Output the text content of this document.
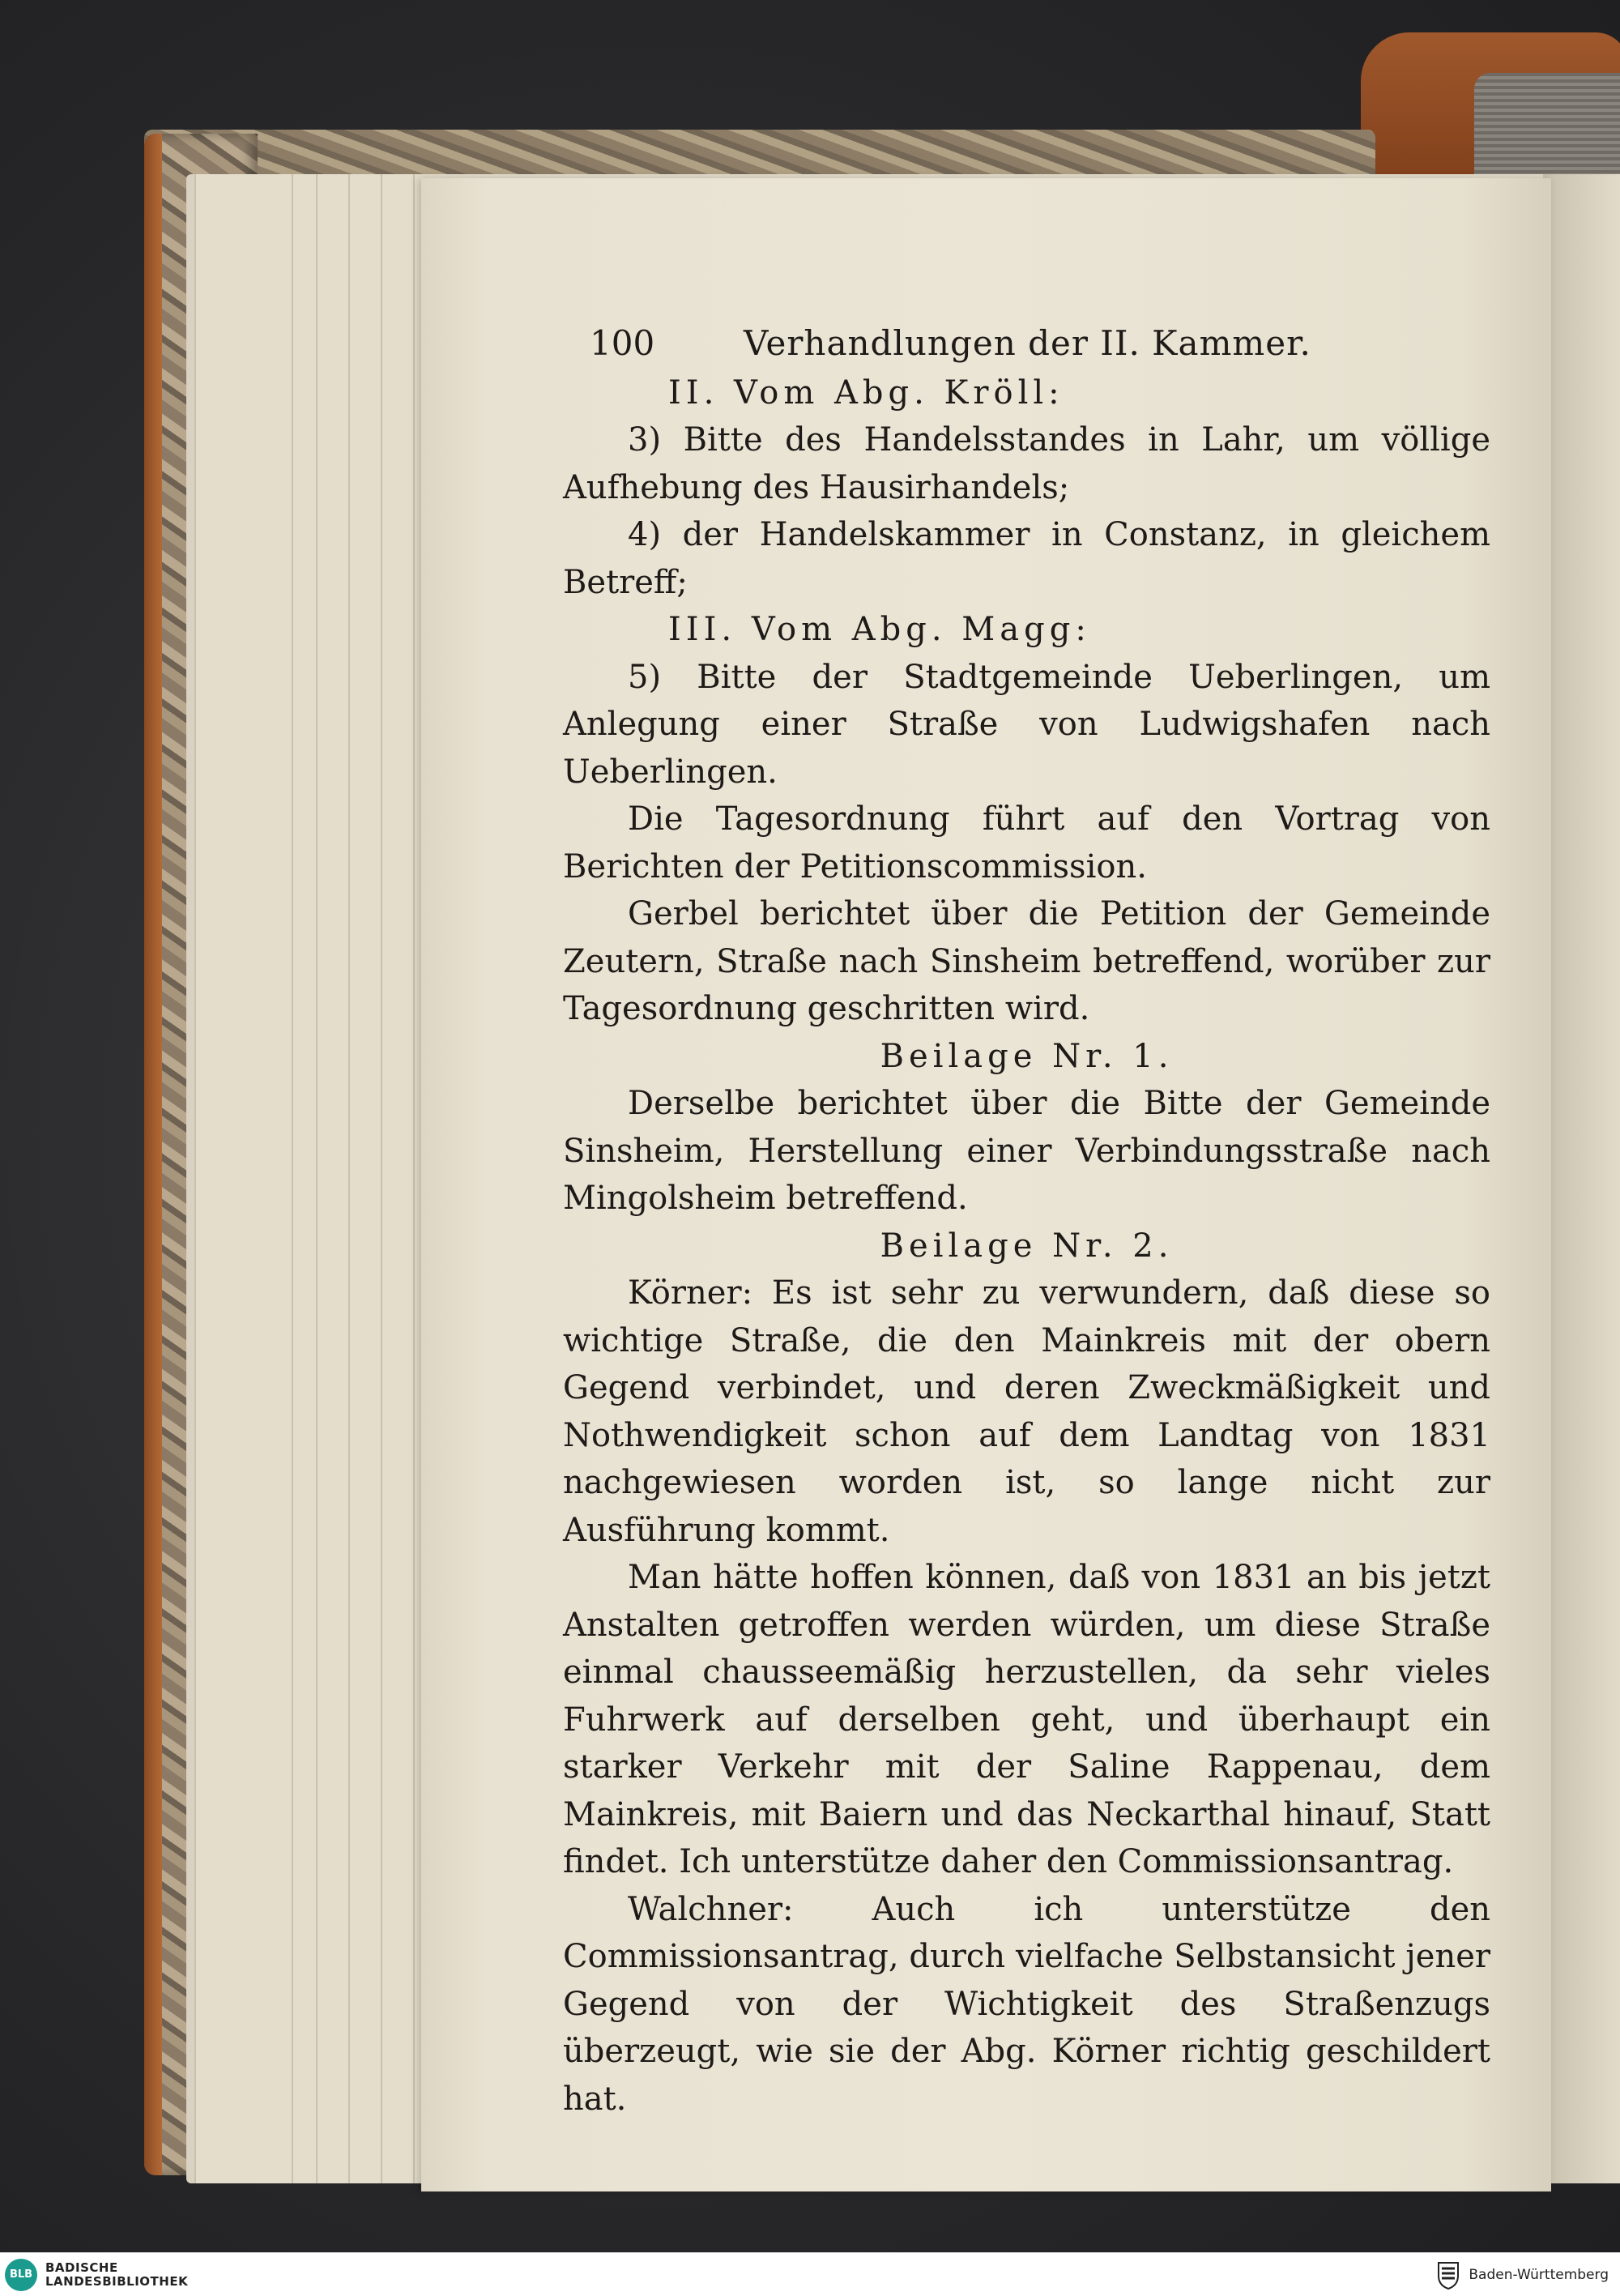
100	Verhandlungen der II. Kammer.

II. Vom Abg. Kröll:

3) Bitte des Handelsstandes in Lahr, um völlige Aufhebung des Hausirhandels;

4) der Handelskammer in Constanz, in gleichem Betreff;

III. Vom Abg. Magg:

5) Bitte der Stadtgemeinde Ueberlingen, um Anlegung einer Straße von Ludwigshafen nach Ueberlingen.

Die Tagesordnung führt auf den Vortrag von Berichten der Petitionscommission.

Gerbel berichtet über die Petition der Gemeinde Zeutern, Straße nach Sinsheim betreffend, worüber zur Tagesordnung geschritten wird.

Beilage Nr. 1.

Derselbe berichtet über die Bitte der Gemeinde Sinsheim, Herstellung einer Verbindungsstraße nach Mingolsheim betreffend.

Beilage Nr. 2.

Körner: Es ist sehr zu verwundern, daß diese so wichtige Straße, die den Mainkreis mit der obern Gegend verbindet, und deren Zweckmäßigkeit und Nothwendigkeit schon auf dem Landtag von 1831 nachgewiesen worden ist, so lange nicht zur Ausführung kommt.

Man hätte hoffen können, daß von 1831 an bis jetzt Anstalten getroffen werden würden, um diese Straße einmal chausseemäßig herzustellen, da sehr vieles Fuhrwerk auf derselben geht, und überhaupt ein starker Verkehr mit der Saline Rappenau, dem Mainkreis, mit Baiern und das Neckarthal hinauf, Statt findet. Ich unterstütze daher den Commissionsantrag.

Walchner: Auch ich unterstütze den Commissionsantrag, durch vielfache Selbstansicht jener Gegend von der Wichtigkeit des Straßenzugs überzeugt, wie sie der Abg. Körner richtig geschildert hat.

BLB	BADISCHE
LANDESBIBLIOTHEK	Baden-Württemberg
